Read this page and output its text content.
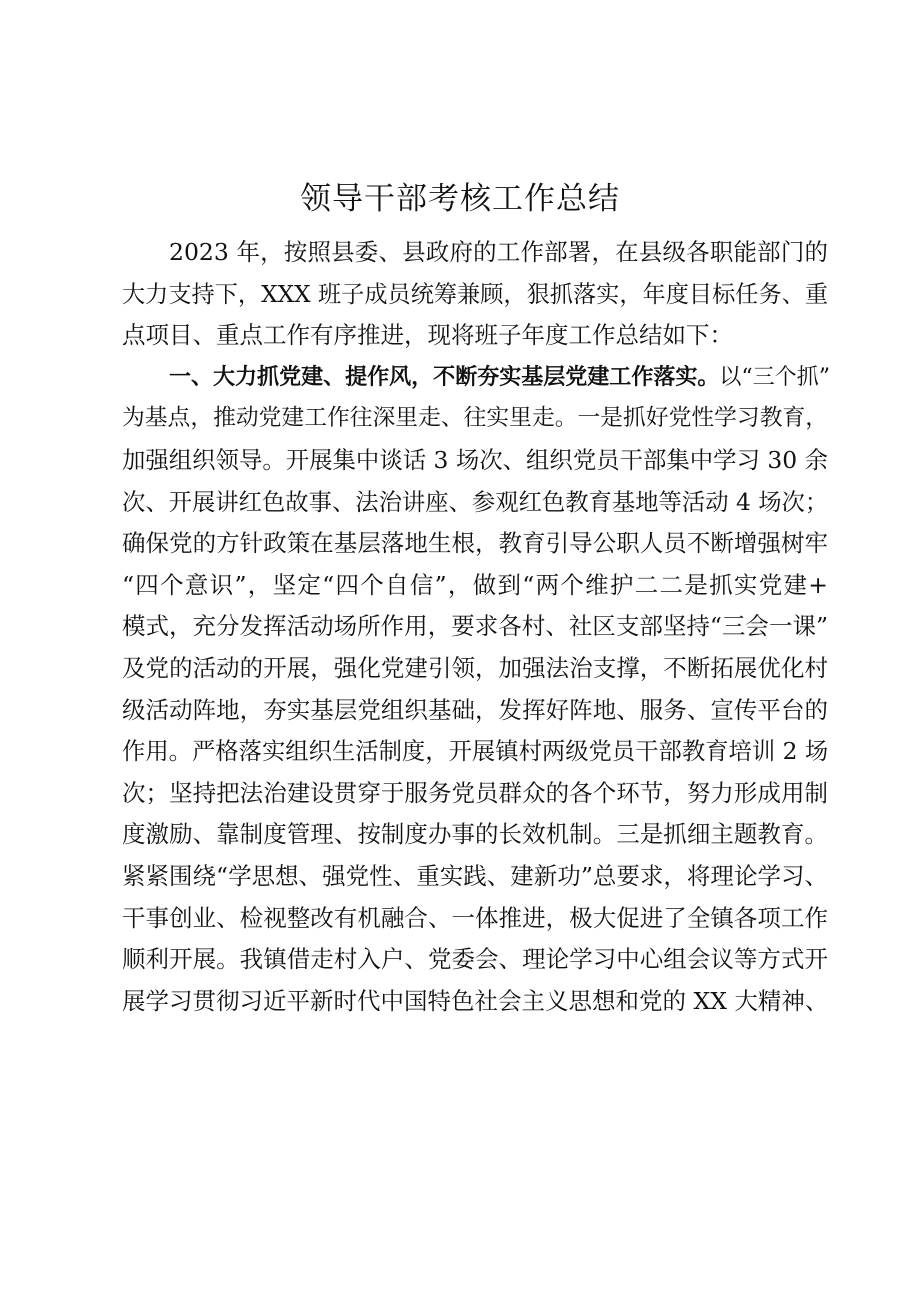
领导干部考核工作总结
2023 年，按照县委、县政府的工作部署，在县级各职能部门的
大力支持下，XXX 班子成员统筹兼顾，狠抓落实，年度目标任务、重
点项目、重点工作有序推进，现将班子年度工作总结如下：
一、大力抓党建、提作风，不断夯实基层党建工作落实。以“三个抓”
为基点，推动党建工作往深里走、往实里走。一是抓好党性学习教育，
加强组织领导。开展集中谈话 3 场次、组织党员干部集中学习 30 余
次、开展讲红色故事、法治讲座、参观红色教育基地等活动 4 场次；
确保党的方针政策在基层落地生根，教育引导公职人员不断增强树牢
“四个意识”，坚定“四个自信”，做到“两个维护二二是抓实党建+
模式，充分发挥活动场所作用，要求各村、社区支部坚持“三会一课”
及党的活动的开展，强化党建引领，加强法治支撑，不断拓展优化村
级活动阵地，夯实基层党组织基础，发挥好阵地、服务、宣传平台的
作用。严格落实组织生活制度，开展镇村两级党员干部教育培训 2 场
次；坚持把法治建设贯穿于服务党员群众的各个环节，努力形成用制
度激励、靠制度管理、按制度办事的长效机制。三是抓细主题教育。
紧紧围绕“学思想、强党性、重实践、建新功”总要求，将理论学习、
干事创业、检视整改有机融合、一体推进，极大促进了全镇各项工作
顺利开展。我镇借走村入户、党委会、理论学习中心组会议等方式开
展学习贯彻习近平新时代中国特色社会主义思想和党的 XX 大精神、
